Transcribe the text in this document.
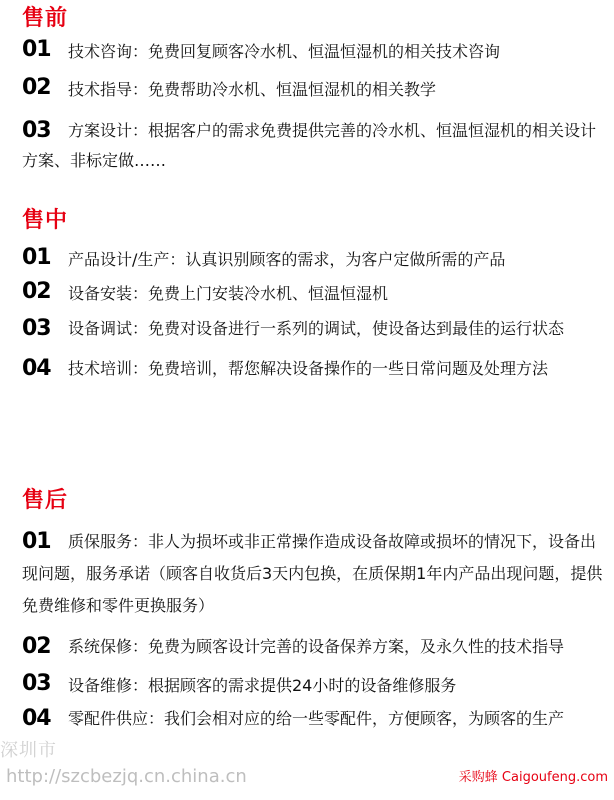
售前
01 技术咨询：免费回复顾客冷水机、恒温恒湿机的相关技术咨询
02 技术指导：免费帮助冷水机、恒温恒湿机的相关教学
03 方案设计：根据客户的需求免费提供完善的冷水机、恒温恒湿机的相关设计方案、非标定做……
售中
01 产品设计/生产：认真识别顾客的需求，为客户定做所需的产品
02 设备安装：免费上门安装冷水机、恒温恒湿机
03 设备调试：免费对设备进行一系列的调试，使设备达到最佳的运行状态
04 技术培训：免费培训，帮您解决设备操作的一些日常问题及处理方法
售后
01 质保服务：非人为损坏或非正常操作造成设备故障或损坏的情况下，设备出现问题，服务承诺（顾客自收货后3天内包换，在质保期1年内产品出现问题，提供免费维修和零件更换服务）
02 系统保修：免费为顾客设计完善的设备保养方案，及永久性的技术指导
03 设备维修：根据顾客的需求提供24小时的设备维修服务
04 零配件供应：我们会相对应的给一些零配件，方便顾客，为顾客的生产
深圳市
http://szcbezjq.cn.china.cn	采购蜂 Caigoufeng.com
